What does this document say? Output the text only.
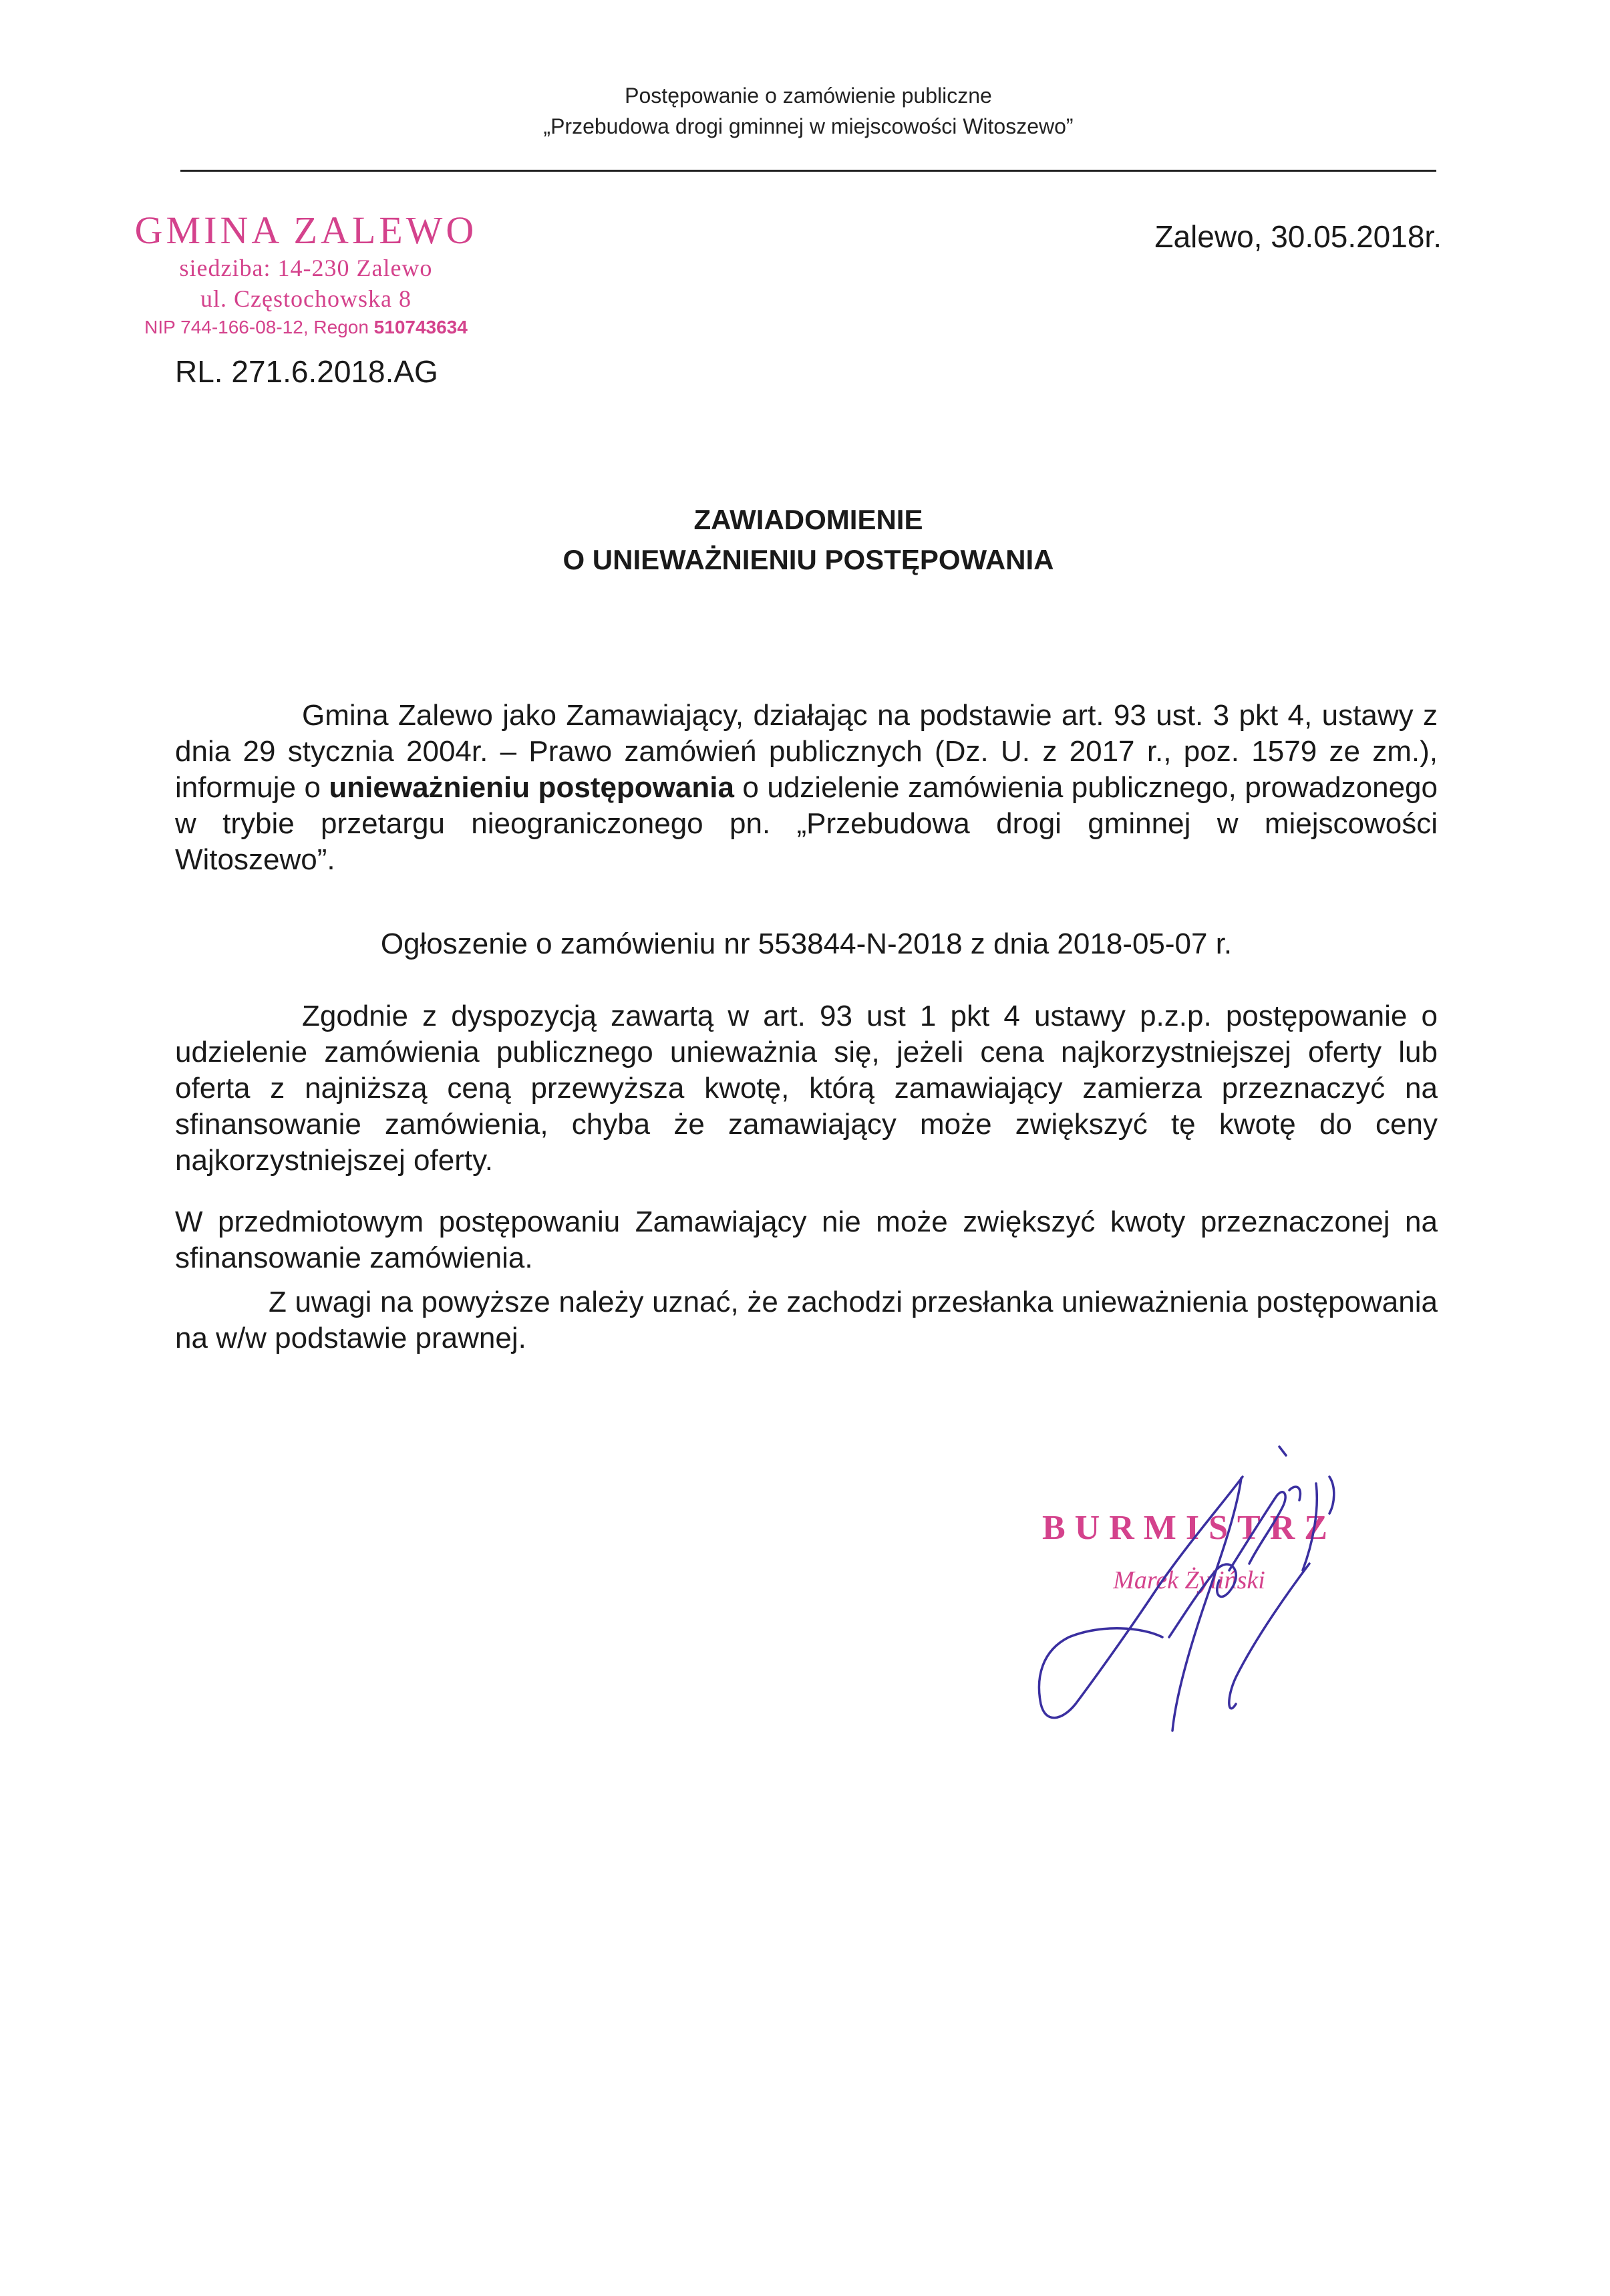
Postępowanie o zamówienie publiczne
„Przebudowa drogi gminnej w miejscowości Witoszewo”
GMINA ZALEWO
siedziba: 14-230 Zalewo
ul. Częstochowska 8
NIP 744-166-08-12, Regon 510743634
Zalewo, 30.05.2018r.
RL. 271.6.2018.AG
ZAWIADOMIENIE
O UNIEWAŻNIENIU POSTĘPOWANIA
Gmina Zalewo jako Zamawiający, działając na podstawie art. 93 ust. 3 pkt 4, ustawy z dnia 29 stycznia 2004r. – Prawo zamówień publicznych (Dz. U. z 2017 r., poz. 1579 ze zm.), informuje o unieważnieniu postępowania o udzielenie zamówienia publicznego, prowadzonego w trybie przetargu nieograniczonego pn. „Przebudowa drogi gminnej w miejscowości Witoszewo”.
Ogłoszenie o zamówieniu nr 553844-N-2018 z dnia 2018-05-07 r.
Zgodnie z dyspozycją zawartą w art. 93 ust 1 pkt 4 ustawy p.z.p. postępowanie o udzielenie zamówienia publicznego unieważnia się, jeżeli cena najkorzystniejszej oferty lub oferta z najniższą ceną przewyższa kwotę, którą zamawiający zamierza przeznaczyć na sfinansowanie zamówienia, chyba że zamawiający może zwiększyć tę kwotę do ceny najkorzystniejszej oferty.
W przedmiotowym postępowaniu Zamawiający nie może zwiększyć kwoty przeznaczonej na sfinansowanie zamówienia.
Z uwagi na powyższe należy uznać, że zachodzi przesłanka unieważnienia postępowania na w/w podstawie prawnej.
BURMISTRZ
Marek Żyliński
